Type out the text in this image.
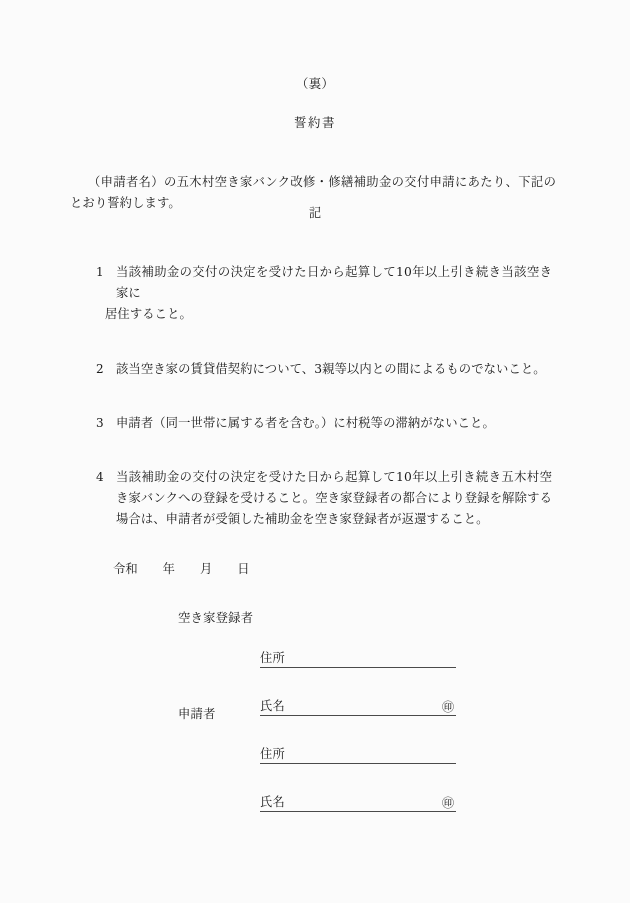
（裏）
誓約書
（申請者名）の五木村空き家バンク改修・修繕補助金の交付申請にあたり、下記のとおり誓約します。
記
1 当該補助金の交付の決定を受けた日から起算して10年以上引き続き当該空き家に
居住すること。
2 該当空き家の賃貸借契約について、3親等以内との間によるものでないこと。
3 申請者（同一世帯に属する者を含む。）に村税等の滞納がないこと。
4 当該補助金の交付の決定を受けた日から起算して10年以上引き続き五木村空き家バンクへの登録を受けること。空き家登録者の都合により登録を解除する場合は、申請者が受領した補助金を空き家登録者が返還すること。
令和　　年　　月　　日
空き家登録者
住所
氏名	㊞
申請者
住所
氏名	㊞
